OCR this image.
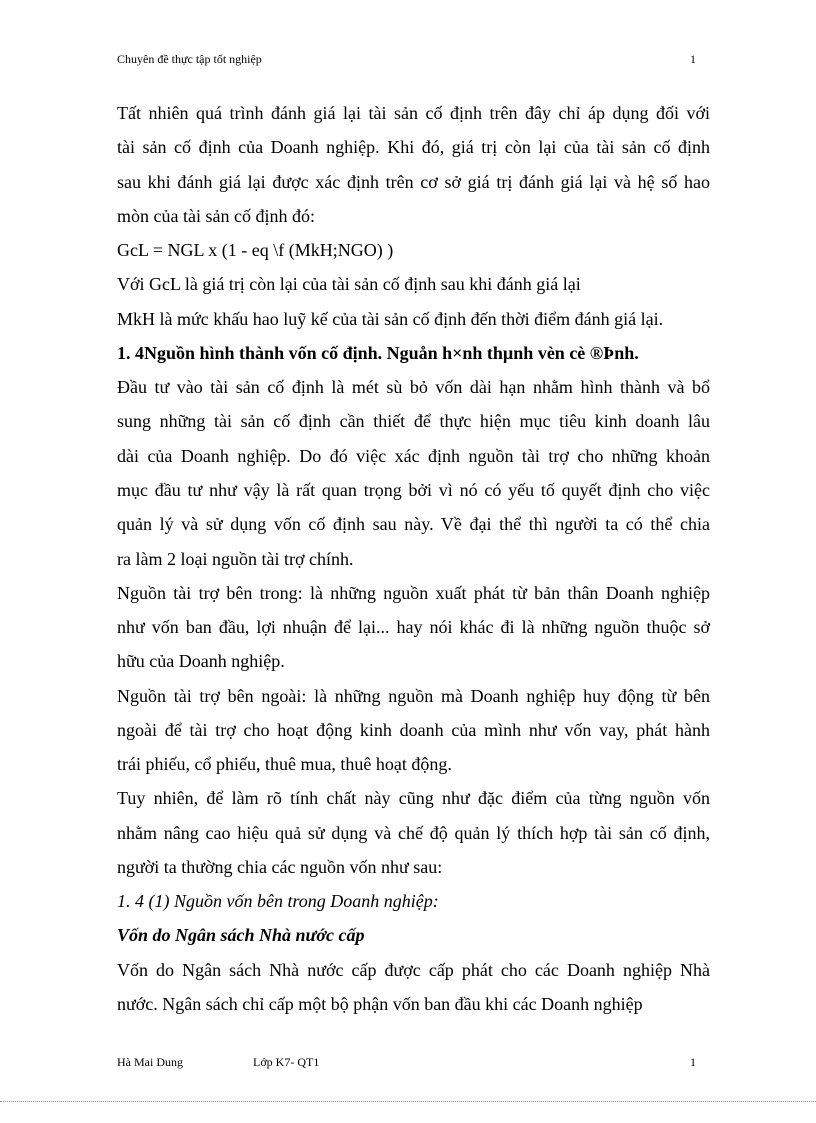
Chuyên đề thực tập tốt nghiệp	1
Tất nhiên quá trình đánh giá lại tài sản cố định trên đây chỉ áp dụng đối với
tài sản cố định của Doanh nghiệp. Khi đó, giá trị còn lại của tài sản cố định
sau khi đánh giá lại được xác định trên cơ sở giá trị đánh giá lại và hệ số hao
mòn của tài sản cố định đó:
GcL = NGL x (1 - eq \f (MkH;NGO) )
Với GcL là giá trị còn lại của tài sản cố định sau khi đánh giá lại
MkH là mức khấu hao luỹ kế của tài sản cố định đến thời điểm đánh giá lại.
1. 4Nguồn hình thành vốn cố định. Nguån h×nh thµnh vèn cè ®Þnh.
Đầu tư vào tài sản cố định là mét sù bỏ vốn dài hạn nhằm hình thành và bổ
sung những tài sản cố định cần thiết để thực hiện mục tiêu kinh doanh lâu
dài của Doanh nghiệp. Do đó việc xác định nguồn tài trợ cho những khoản
mục đầu tư như vậy là rất quan trọng bởi vì nó có yếu tố quyết định cho việc
quản lý và sử dụng vốn cố định sau này. Về đại thể thì người ta có thể chia
ra làm 2 loại nguồn tài trợ chính.
Nguồn tài trợ bên trong: là những nguồn xuất phát từ bản thân Doanh nghiệp
như vốn ban đầu, lợi nhuận để lại... hay nói khác đi là những nguồn thuộc sở
hữu của Doanh nghiệp.
Nguồn tài trợ bên ngoài: là những nguồn mà Doanh nghiệp huy động từ bên
ngoài để tài trợ cho hoạt động kinh doanh của mình như vốn vay, phát hành
trái phiếu, cổ phiếu, thuê mua, thuê hoạt động.
Tuy nhiên, để làm rõ tính chất này cũng như đặc điểm của từng nguồn vốn
nhằm nâng cao hiệu quả sử dụng và chế độ quản lý thích hợp tài sản cố định,
người ta thường chia các nguồn vốn như sau:
1. 4 (1) Nguồn vốn bên trong Doanh nghiệp:
Vốn do Ngân sách Nhà nước cấp
Vốn do Ngân sách Nhà nước cấp được cấp phát cho các Doanh nghiệp Nhà
nước. Ngân sách chỉ cấp một bộ phận vốn ban đầu khi các Doanh nghiệp
Hà Mai Dung	Lớp K7- QT1	1
